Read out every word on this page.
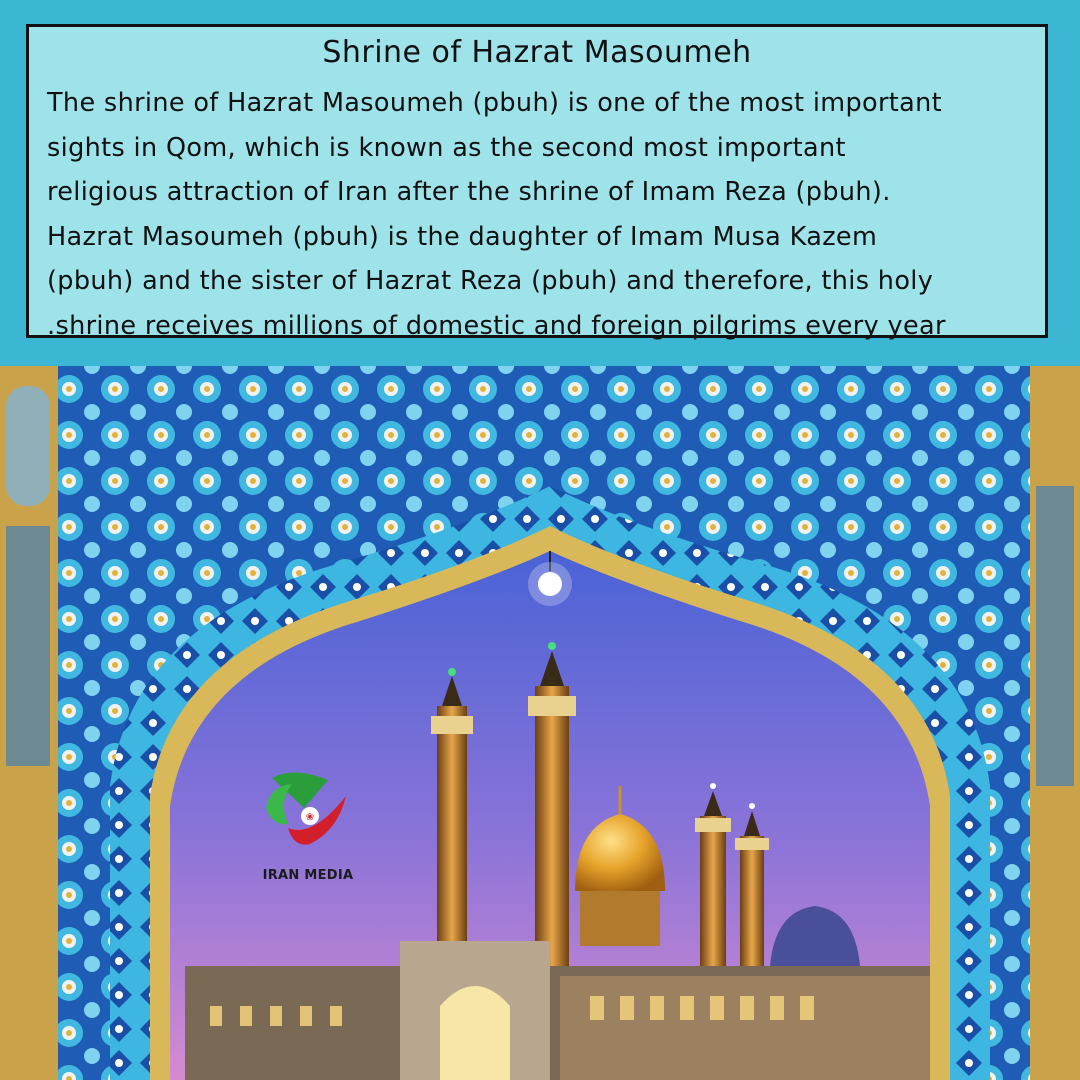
Shrine of Hazrat Masoumeh
The shrine of Hazrat Masoumeh (pbuh) is one of the most important
sights in Qom, which is known as the second most important
religious attraction of Iran after the shrine of Imam Reza (pbuh).
Hazrat Masoumeh (pbuh) is the daughter of Imam Musa Kazem
(pbuh) and the sister of Hazrat Reza (pbuh) and therefore, this holy
.shrine receives millions of domestic and foreign pilgrims every year
❀
IRAN MEDIA
